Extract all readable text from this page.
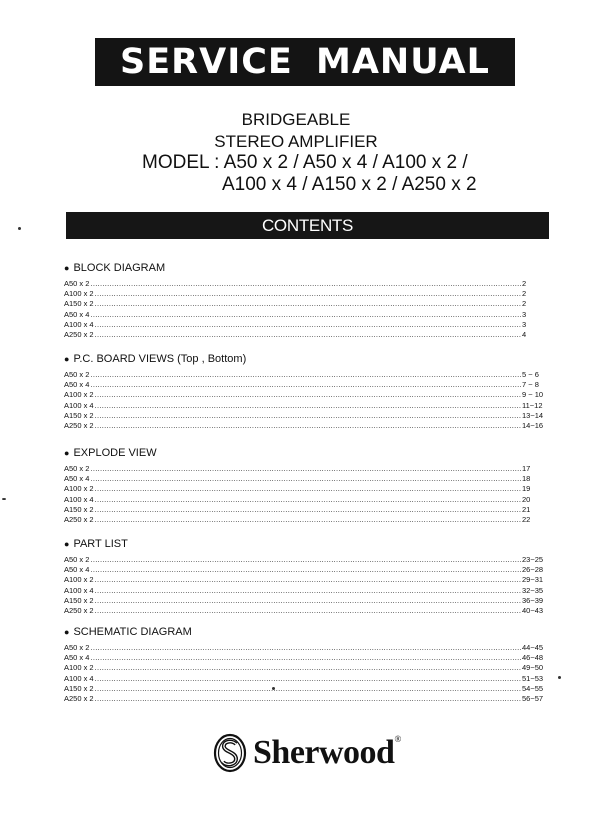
SERVICE MANUAL
BRIDGEABLE
STEREO AMPLIFIER
MODEL : A50 x 2 / A50 x 4 / A100 x 2 /
A100 x 4 / A150 x 2 / A250 x 2
CONTENTS
● BLOCK DIAGRAM
A50 x 2 .....	2
A100 x 2 .....	2
A150 x 2 .....	2
A50 x 4 .....	3
A100 x 4 .....	3
A250 x 2 .....	4
● P.C. BOARD VIEWS (Top , Bottom)
A50 x 2 .....	5 ~ 6
A50 x 4 .....	7 ~ 8
A100 x 2 .....	9 ~ 10
A100 x 4 .....	11~12
A150 x 2 .....	13~14
A250 x 2 .....	14~16
● EXPLODE VIEW
A50 x 2 .....	17
A50 x 4 .....	18
A100 x 2 .....	19
A100 x 4 .....	20
A150 x 2 .....	21
A250 x 2 .....	22
● PART LIST
A50 x 2 .....	23~25
A50 x 4 .....	26~28
A100 x 2 .....	29~31
A100 x 4 .....	32~35
A150 x 2 .....	36~39
A250 x 2 .....	40~43
● SCHEMATIC DIAGRAM
A50 x 2 .....	44~45
A50 x 4 .....	46~48
A100 x 2 .....	49~50
A100 x 4 .....	51~53
A150 x 2 .....	54~55
A250 x 2 .....	56~57
Sherwood®
